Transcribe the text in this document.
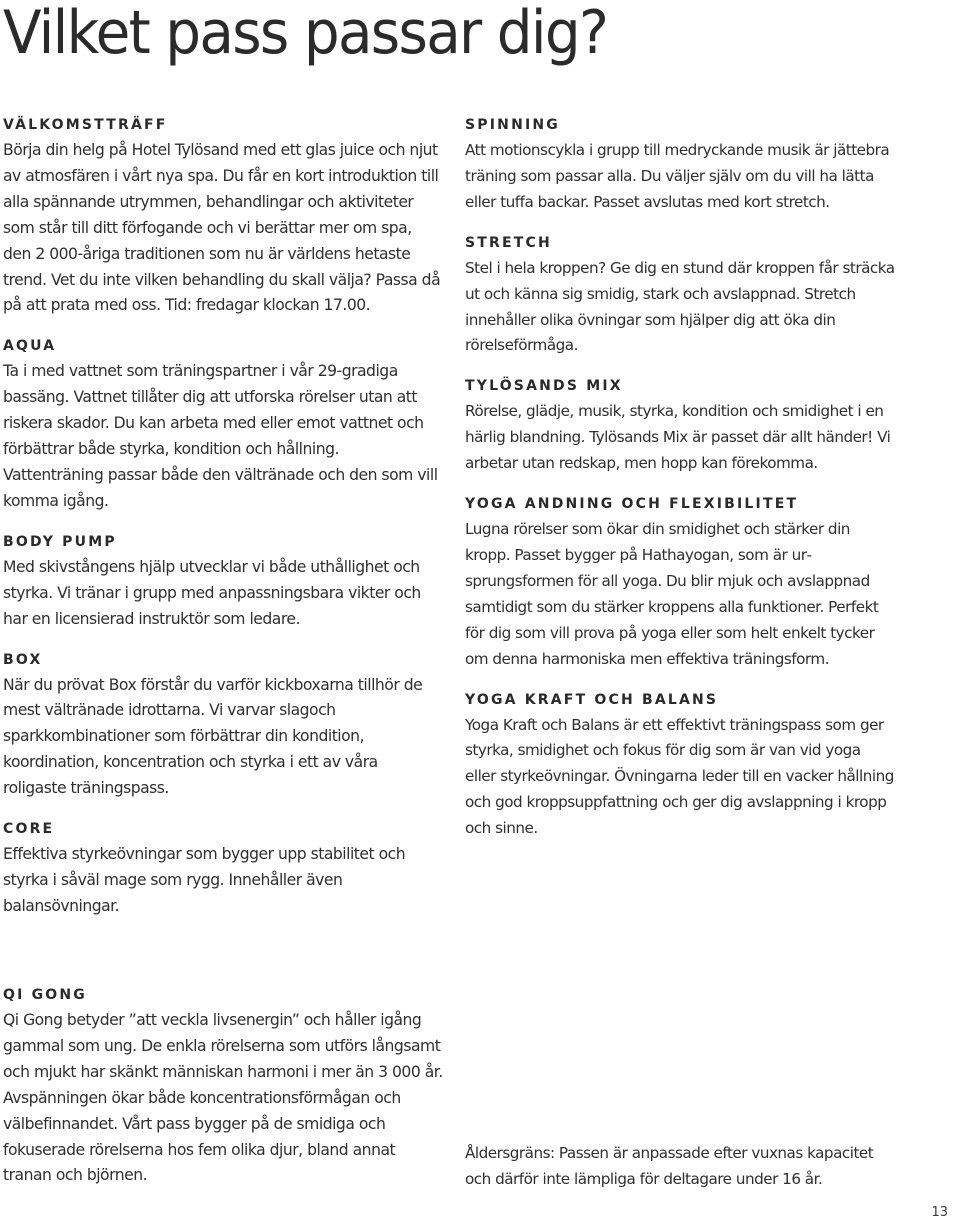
Vilket pass passar dig?
VÄLKOMSTTRÄFF

Börja din helg på Hotel Tylösand med ett glas juice och njut av atmosfären i vårt nya spa. Du får en kort introduktion till alla spännande utrymmen, behandlingar och aktiviteter som står till ditt förfogande och vi berättar mer om spa, den 2 000-åriga traditionen som nu är världens hetaste trend. Vet du inte vilken behandling du skall välja? Passa då på att prata med oss. Tid: fredagar klockan 17.00.

AQUA

Ta i med vattnet som träningspartner i vår 29-gradiga bassäng. Vattnet tillåter dig att utforska rörelser utan att riskera skador. Du kan arbeta med eller emot vattnet och förbättrar både styrka, kondition och hållning. Vattenträning passar både den vältränade och den som vill komma igång.

BODY PUMP

Med skivstångens hjälp utvecklar vi både uthållighet och styrka. Vi tränar i grupp med anpassningsbara vikter och har en licensierad instruktör som ledare.

BOX

När du prövat Box förstår du varför kickboxarna tillhör de mest vältränade idrottarna. Vi varvar slagoch sparkkombinationer som förbättrar din kondition, koordination, koncentration och styrka i ett av våra roligaste träningspass.

CORE

Effektiva styrkeövningar som bygger upp stabilitet och styrka i såväl mage som rygg. Innehåller även balansövningar.

QI GONG

Qi Gong betyder ”att veckla livsenergin” och håller igång gammal som ung. De enkla rörelserna som utförs långsamt och mjukt har skänkt människan harmoni i mer än 3 000 år. Avspänningen ökar både koncentrationsförmågan och välbefinnandet. Vårt pass bygger på de smidiga och fokuserade rörelserna hos fem olika djur, bland annat tranan och björnen.

SPINNING

Att motionscykla i grupp till medryckande musik är jättebra träning som passar alla. Du väljer själv om du vill ha lätta eller tuffa backar. Passet avslutas med kort stretch.

STRETCH

Stel i hela kroppen? Ge dig en stund där kroppen får sträcka ut och känna sig smidig, stark och avslappnad. Stretch innehåller olika övningar som hjälper dig att öka din rörelseförmåga.

TYLÖSANDS MIX

Rörelse, glädje, musik, styrka, kondition och smidighet i en härlig blandning. Tylösands Mix är passet där allt händer! Vi arbetar utan redskap, men hopp kan förekomma.

YOGA ANDNING OCH FLEXIBILITET

Lugna rörelser som ökar din smidighet och stärker din kropp. Passet bygger på Hathayogan, som är ursprungsformen för all yoga. Du blir mjuk och avslappnad samtidigt som du stärker kroppens alla funktioner. Perfekt för dig som vill prova på yoga eller som helt enkelt tycker om denna harmoniska men effektiva träningsform.

YOGA KRAFT OCH BALANS

Yoga Kraft och Balans är ett effektivt träningspass som ger styrka, smidighet och fokus för dig som är van vid yoga eller styrkeövningar. Övningarna leder till en vacker hållning och god kroppsuppfattning och ger dig avslappning i kropp och sinne.

Åldersgräns: Passen är anpassade efter vuxnas kapacitet och därför inte lämpliga för deltagare under 16 år.

13
